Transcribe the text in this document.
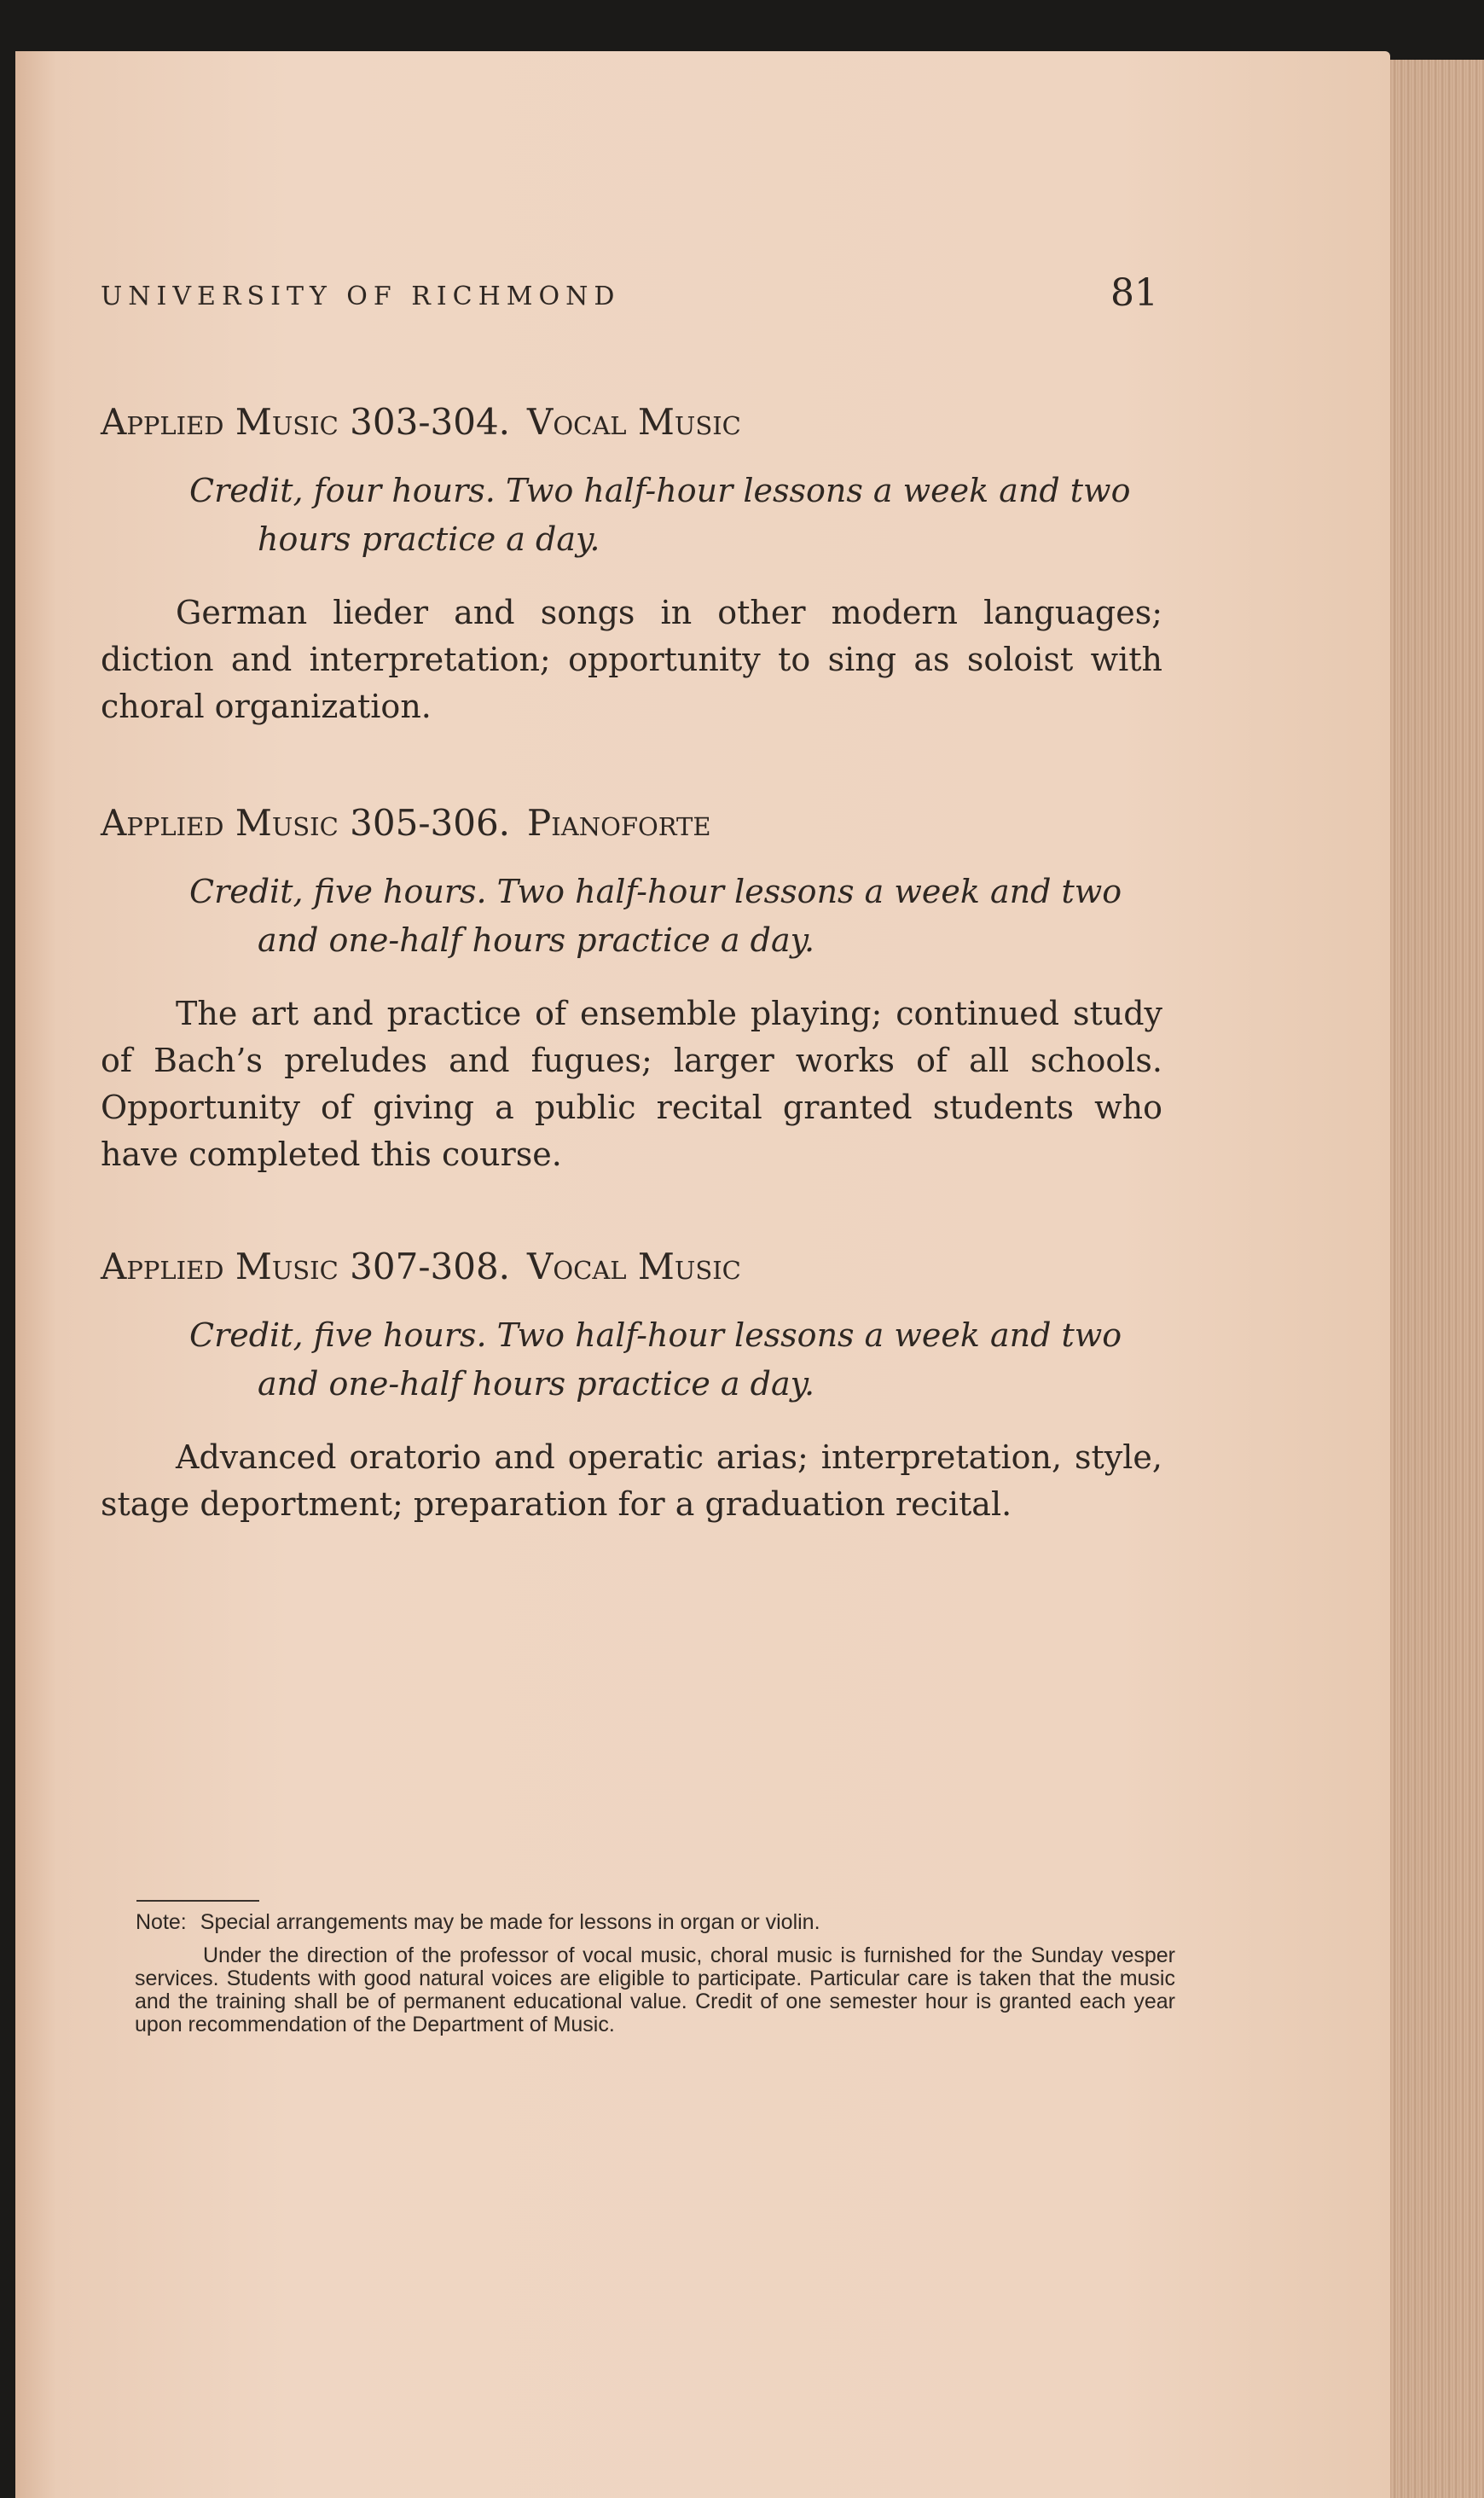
UNIVERSITY OF RICHMOND	81
Applied Music 303-304. Vocal Music
Credit, four hours. Two half-hour lessons a week and two hours practice a day.
German lieder and songs in other modern languages; diction and interpretation; opportunity to sing as soloist with choral organization.
Applied Music 305-306. Pianoforte
Credit, five hours. Two half-hour lessons a week and two and one-half hours practice a day.
The art and practice of ensemble playing; continued study of Bach’s preludes and fugues; larger works of all schools. Opportunity of giving a public recital granted students who have completed this course.
Applied Music 307-308. Vocal Music
Credit, five hours. Two half-hour lessons a week and two and one-half hours practice a day.
Advanced oratorio and operatic arias; interpretation, style, stage deportment; preparation for a graduation recital.
Note: Special arrangements may be made for lessons in organ or violin.
Under the direction of the professor of vocal music, choral music is furnished for the Sunday vesper services. Students with good natural voices are eligible to participate. Particular care is taken that the music and the training shall be of permanent educational value. Credit of one semester hour is granted each year upon recommendation of the Department of Music.
